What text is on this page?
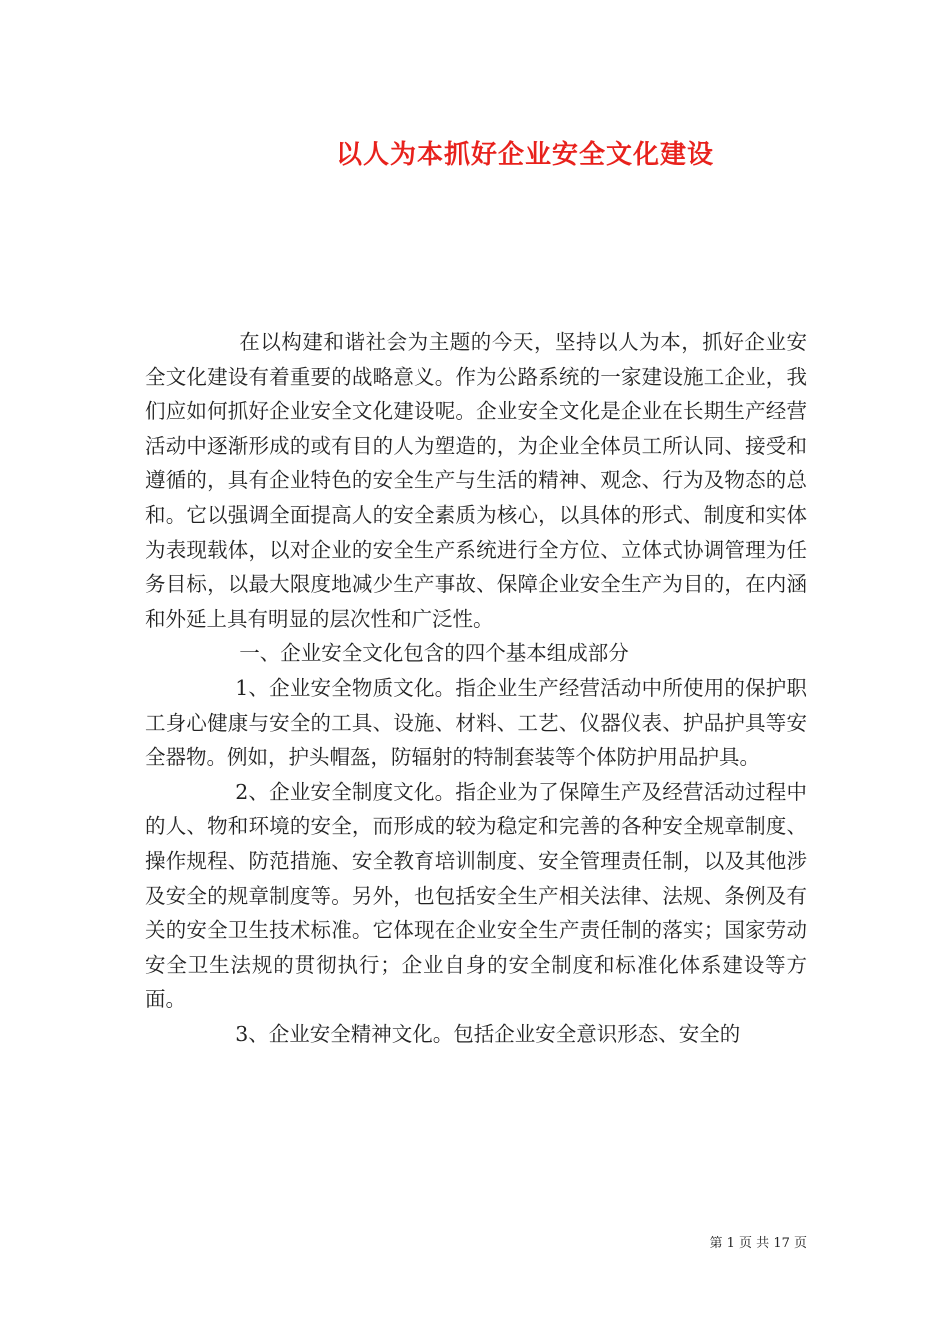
以人为本抓好企业安全文化建设

在以构建和谐社会为主题的今天，坚持以人为本，抓好企业安全文化建设有着重要的战略意义。作为公路系统的一家建设施工企业，我们应如何抓好企业安全文化建设呢。企业安全文化是企业在长期生产经营活动中逐渐形成的或有目的人为塑造的，为企业全体员工所认同、接受和遵循的，具有企业特色的安全生产与生活的精神、观念、行为及物态的总和。它以强调全面提高人的安全素质为核心，以具体的形式、制度和实体为表现载体，以对企业的安全生产系统进行全方位、立体式协调管理为任务目标，以最大限度地减少生产事故、保障企业安全生产为目的，在内涵和外延上具有明显的层次性和广泛性。

一、企业安全文化包含的四个基本组成部分

1、企业安全物质文化。指企业生产经营活动中所使用的保护职工身心健康与安全的工具、设施、材料、工艺、仪器仪表、护品护具等安全器物。例如，护头帽盔，防辐射的特制套装等个体防护用品护具。

2、企业安全制度文化。指企业为了保障生产及经营活动过程中的人、物和环境的安全，而形成的较为稳定和完善的各种安全规章制度、操作规程、防范措施、安全教育培训制度、安全管理责任制，以及其他涉及安全的规章制度等。另外，也包括安全生产相关法律、法规、条例及有关的安全卫生技术标准。它体现在企业安全生产责任制的落实；国家劳动安全卫生法规的贯彻执行；企业自身的安全制度和标准化体系建设等方面。

3、企业安全精神文化。包括企业安全意识形态、安全的

第 1 页 共 17 页
